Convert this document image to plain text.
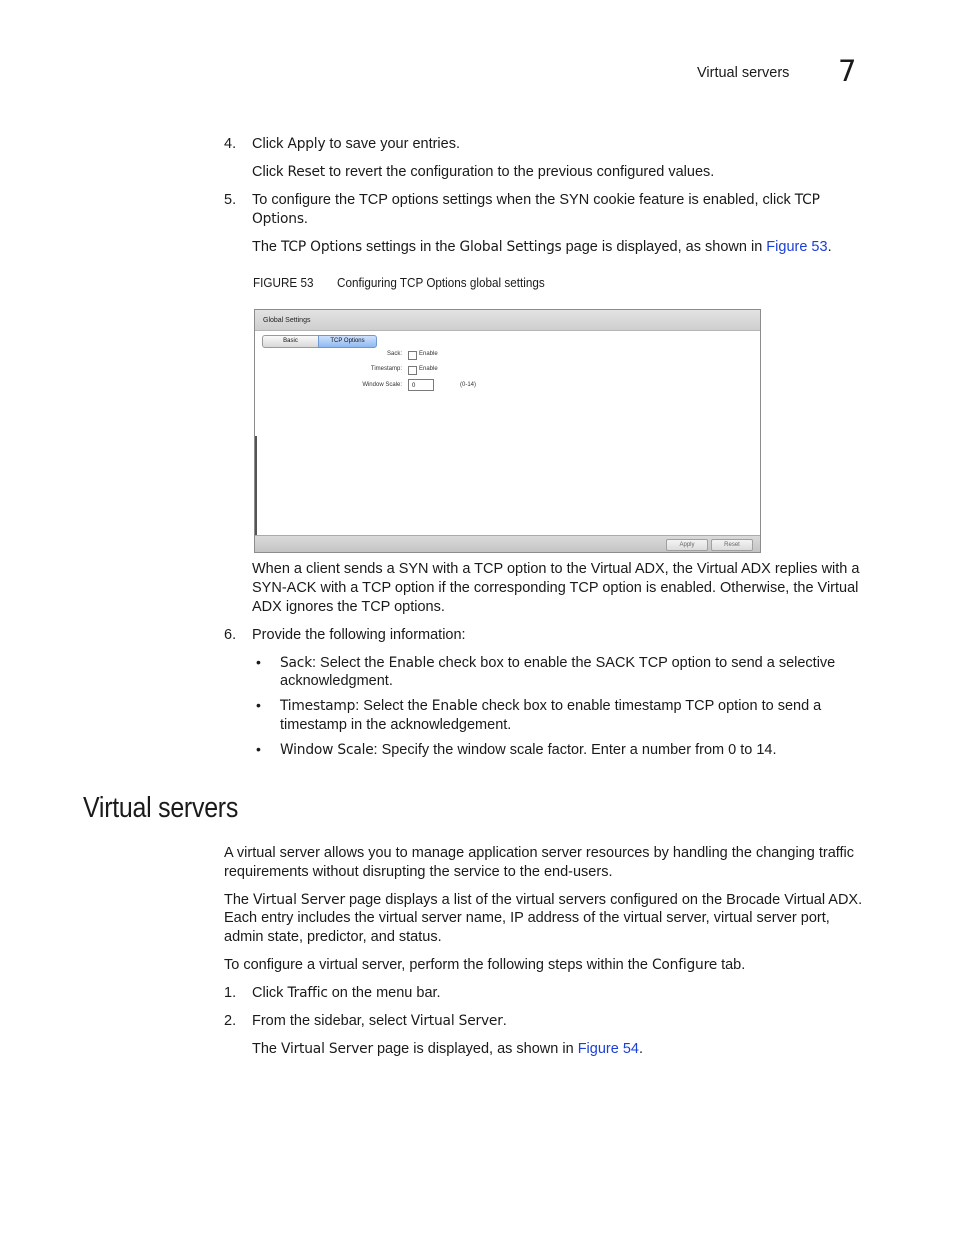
Virtual servers 7
4.	Click Apply to save your entries.

Click Reset to revert the configuration to the previous configured values.

5.	To configure the TCP options settings when the SYN cookie feature is enabled, click TCP

Options.

The TCP Options settings in the Global Settings page is displayed, as shown in Figure 53.

FIGURE 53 Configuring TCP Options global settings
Global Settings
Basic	TCP Options
Sack:	Enable
Timestamp:	Enable
Window Scale:	0	(0-14)
Apply	Reset

When a client sends a SYN with a TCP option to the Virtual ADX, the Virtual ADX replies with a

SYN-ACK with a TCP option if the corresponding TCP option is enabled. Otherwise, the Virtual

ADX ignores the TCP options.

6.	Provide the following information:

• Sack: Select the Enable check box to enable the SACK TCP option to send a selective

acknowledgment.

• Timestamp: Select the Enable check box to enable timestamp TCP option to send a

timestamp in the acknowledgement.

• Window Scale: Specify the window scale factor. Enter a number from 0 to 14.

Virtual servers

A virtual server allows you to manage application server resources by handling the changing traffic

requirements without disrupting the service to the end-users.

The Virtual Server page displays a list of the virtual servers configured on the Brocade Virtual ADX.

Each entry includes the virtual server name, IP address of the virtual server, virtual server port,

admin state, predictor, and status.

To configure a virtual server, perform the following steps within the Configure tab.

1.	Click Traffic on the menu bar.

2.	From the sidebar, select Virtual Server.

The Virtual Server page is displayed, as shown in Figure 54.
